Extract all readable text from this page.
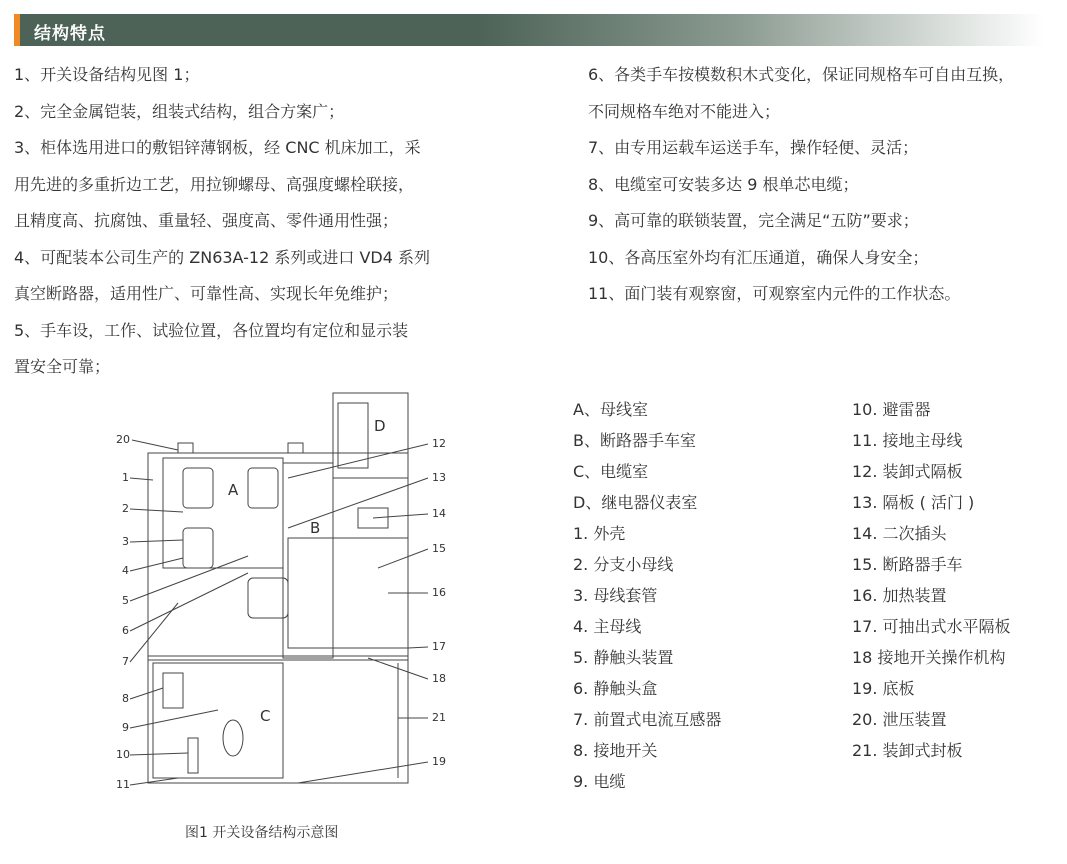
结构特点
1、开关设备结构见图 1；
2、完全金属铠装，组装式结构，组合方案广；
3、柜体选用进口的敷铝锌薄钢板，经 CNC 机床加工，采
用先进的多重折边工艺，用拉铆螺母、高强度螺栓联接，
且精度高、抗腐蚀、重量轻、强度高、零件通用性强；
4、可配装本公司生产的 ZN63A-12 系列或进口 VD4 系列
真空断路器，适用性广、可靠性高、实现长年免维护；
5、手车设，工作、试验位置，各位置均有定位和显示装
置安全可靠；
6、各类手车按模数积木式变化，保证同规格车可自由互换，
不同规格车绝对不能进入；
7、由专用运载车运送手车，操作轻便、灵活；
8、电缆室可安装多达 9 根单芯电缆；
9、高可靠的联锁装置，完全满足“五防”要求；
10、各高压室外均有汇压通道，确保人身安全；
11、面门装有观察窗，可观察室内元件的工作状态。
D
A
B
C
20
1
2
3
4
5
6
7
8
9
10
11
12
13
14
15
16
17
18
21
19
图1 开关设备结构示意图
A、母线室
B、断路器手车室
C、电缆室
D、继电器仪表室
1. 外壳
2. 分支小母线
3. 母线套管
4. 主母线
5. 静触头装置
6. 静触头盒
7. 前置式电流互感器
8. 接地开关
9. 电缆
10. 避雷器
11. 接地主母线
12. 装卸式隔板
13. 隔板 ( 活门 )
14. 二次插头
15. 断路器手车
16. 加热装置
17. 可抽出式水平隔板
18 接地开关操作机构
19. 底板
20. 泄压装置
21. 装卸式封板
